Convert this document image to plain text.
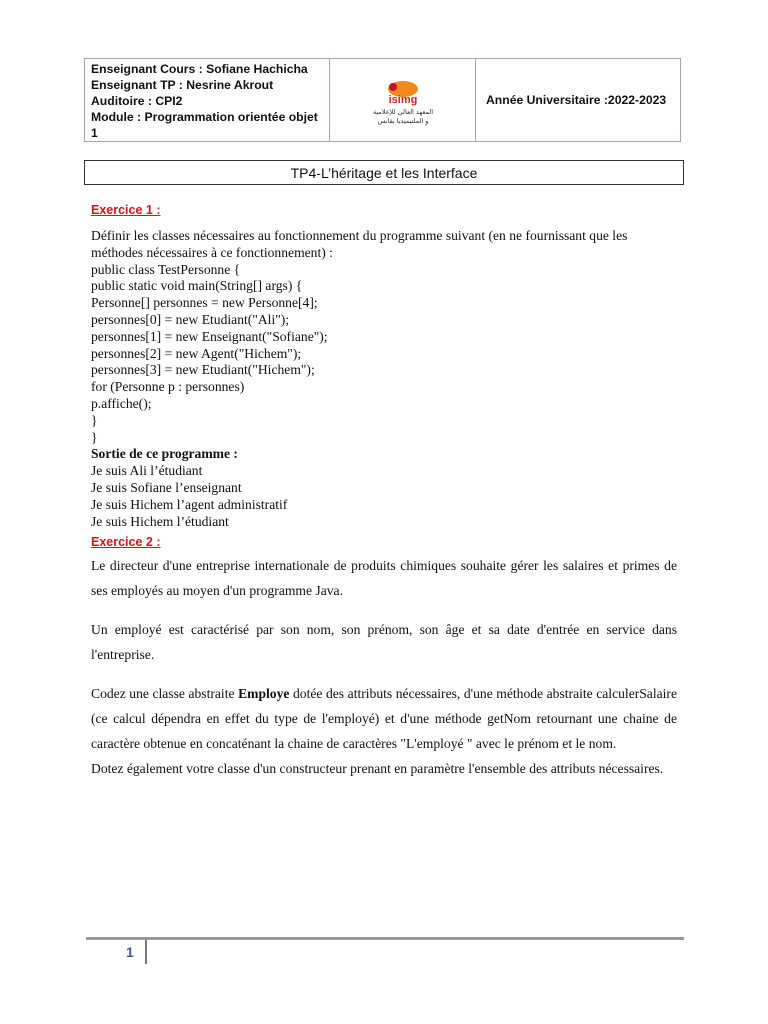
Enseignant Cours : Sofiane Hachicha
Enseignant TP : Nesrine Akrout
Auditoire : CPI2
Module : Programmation orientée objet 1
isimg
المعهد العالي للإعلامية
و الملتيميديا بقابس
Année Universitaire :2022-2023
TP4-L’héritage et les Interface
Exercice 1 :
Définir les classes nécessaires au fonctionnement du programme suivant (en ne fournissant que les méthodes nécessaires à ce fonctionnement) :
public class TestPersonne {
public static void main(String[] args) {
Personne[] personnes = new Personne[4];
personnes[0] = new Etudiant("Ali");
personnes[1] = new Enseignant("Sofiane");
personnes[2] = new Agent("Hichem");
personnes[3] = new Etudiant("Hichem");
for (Personne p : personnes)
p.affiche();
}
}
Sortie de ce programme :
Je suis Ali l’étudiant
Je suis Sofiane l’enseignant
Je suis Hichem l’agent administratif
Je suis Hichem l’étudiant
Exercice 2 :

Le directeur d'une entreprise internationale de produits chimiques souhaite gérer les salaires et primes de ses employés au moyen d'un programme Java.

Un employé est caractérisé par son nom, son prénom, son âge et sa date d'entrée en service dans l'entreprise.

Codez une classe abstraite Employe dotée des attributs nécessaires, d'une méthode abstraite calculerSalaire (ce calcul dépendra en effet du type de l'employé) et d'une méthode getNom retournant une chaine de caractère obtenue en concaténant la chaine de caractères "L'employé " avec le prénom et le nom.

Dotez également votre classe d'un constructeur prenant en paramètre l'ensemble des attributs nécessaires.

1
